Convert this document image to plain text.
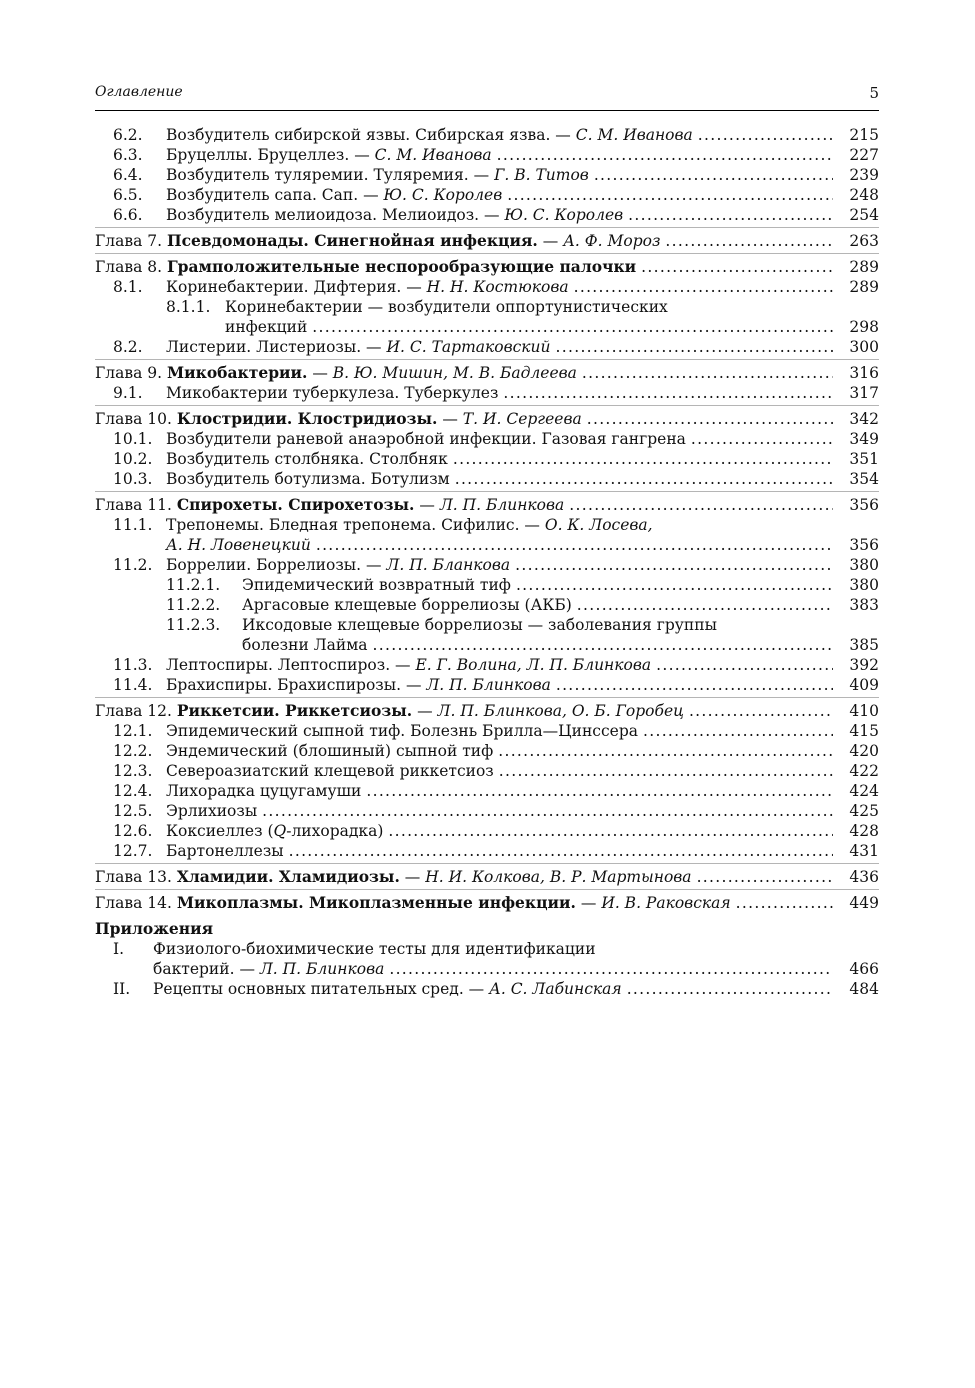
Оглавление	5
6.2. Возбудитель сибирской язвы. Сибирская язва. — С. М. Иванова .....	215
6.3. Бруцеллы. Бруцеллез. — С. М. Иванова .....	227
6.4. Возбудитель туляремии. Туляремия. — Г. В. Титов .....	239
6.5. Возбудитель сапа. Сап. — Ю. С. Королев .....	248
6.6. Возбудитель мелиоидоза. Мелиоидоз. — Ю. С. Королев .....	254
Глава 7. Псевдомонады. Синегнойная инфекция. — А. Ф. Мороз .....	263
Глава 8. Грамположительные неспорообразующие палочки .....	289
8.1. Коринебактерии. Дифтерия. — Н. Н. Костюкова .....	289
8.1.1. Коринебактерии — возбудители оппортунистических
инфекций .....	298
8.2. Листерии. Листериозы. — И. С. Тартаковский .....	300
Глава 9. Микобактерии. — В. Ю. Мишин, М. В. Бадлеева .....	316
9.1. Микобактерии туберкулеза. Туберкулез .....	317
Глава 10. Клостридии. Клостридиозы. — Т. И. Сергеева .....	342
10.1. Возбудители раневой анаэробной инфекции. Газовая гангрена .....	349
10.2. Возбудитель столбняка. Столбняк .....	351
10.3. Возбудитель ботулизма. Ботулизм .....	354
Глава 11. Спирохеты. Спирохетозы. — Л. П. Блинкова .....	356
11.1. Трепонемы. Бледная трепонема. Сифилис. — О. К. Лосева,
А. Н. Ловенецкий .....	356
11.2. Боррелии. Боррелиозы. — Л. П. Бланкова .....	380
11.2.1. Эпидемический возвратный тиф .....	380
11.2.2. Аргасовые клещевые боррелиозы (АКБ) .....	383
11.2.3. Иксодовые клещевые боррелиозы — заболевания группы
болезни Лайма .....	385
11.3. Лептоспиры. Лептоспироз. — Е. Г. Волина, Л. П. Блинкова .....	392
11.4. Брахиспиры. Брахиспирозы. — Л. П. Блинкова .....	409
Глава 12. Риккетсии. Риккетсиозы. — Л. П. Блинкова, О. Б. Горобец .....	410
12.1. Эпидемический сыпной тиф. Болезнь Брилла—Цинссера .....	415
12.2. Эндемический (блошиный) сыпной тиф .....	420
12.3. Североазиатский клещевой риккетсиоз .....	422
12.4. Лихорадка цуцугамуши .....	424
12.5. Эрлихиозы .....	425
12.6. Коксиеллез (Q-лихорадка) .....	428
12.7. Бартонеллезы .....	431
Глава 13. Хламидии. Хламидиозы. — Н. И. Колкова, В. Р. Мартынова .....	436
Глава 14. Микоплазмы. Микоплазменные инфекции. — И. В. Раковская .....	449
Приложения
I. Физиолого-биохимические тесты для идентификации
бактерий. — Л. П. Блинкова .....	466
II. Рецепты основных питательных сред. — А. С. Лабинская .....	484
